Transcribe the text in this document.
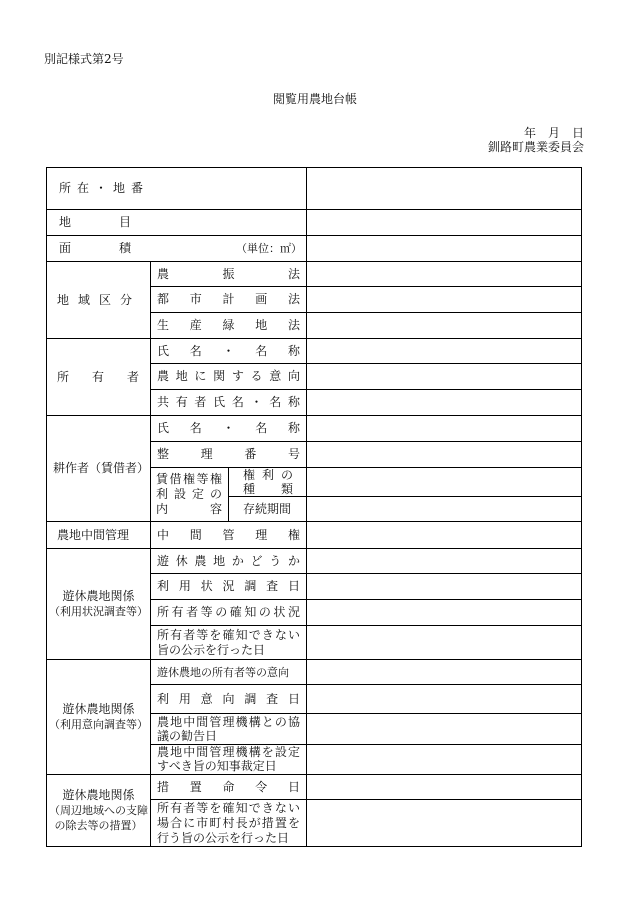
別記様式第2号
閲覧用農地台帳
年　月　日
釧路町農業委員会
所在・地番
地目
面積	（単位：㎡）
地域区分
農振法
都市計画法
生産緑地法
所有者
氏名・名称
農地に関する意向
共有者氏名・名称
耕作者（賃借者）
氏名・名称
整理番号
賃借権等権
利設定の
内容
権利の
種類
存続期間
農地中間管理 中間管理権
遊休農地関係
（利用状況調査等）
遊休農地かどうか
利用状況調査日
所有者等の確知の状況
所有者等を確知できない
旨の公示を行った日
遊休農地関係
（利用意向調査等）
遊休農地の所有者等の意向
利用意向調査日
農地中間管理機構との協
議の勧告日
農地中間管理機構を設定
すべき旨の知事裁定日
遊休農地関係
（周辺地域への支障
の除去等の措置）
措置命令日
所有者等を確知できない
場合に市町村長が措置を
行う旨の公示を行った日
